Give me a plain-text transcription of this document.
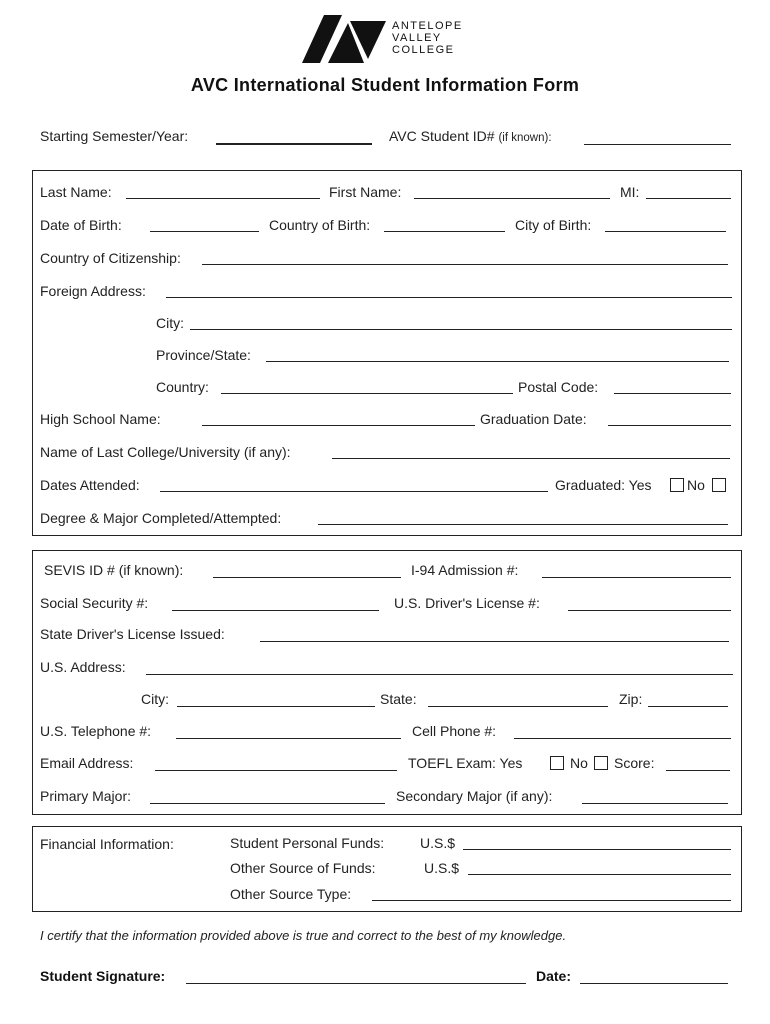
ANTELOPE
VALLEY
COLLEGE
AVC International Student Information Form
Starting Semester/Year:	AVC Student ID# (if known):
Last Name:	First Name:	MI:
Date of Birth:	Country of Birth:	City of Birth:
Country of Citizenship:
Foreign Address:
City:
Province/State:
Country:	Postal Code:
High School Name:	Graduation Date:
Name of Last College/University (if any):
Dates Attended:	Graduated: Yes	No
Degree & Major Completed/Attempted:
SEVIS ID # (if known):	I-94 Admission #:
Social Security #:	U.S. Driver's License #:
State Driver's License Issued:
U.S. Address:
City:	State:	Zip:
U.S. Telephone #:	Cell Phone #:
Email Address:	TOEFL Exam: Yes	No Score:
Primary Major:	Secondary Major (if any):
Financial Information:	Student Personal Funds:	U.S.$
Other Source of Funds:	U.S.$
Other Source Type:
I certify that the information provided above is true and correct to the best of my knowledge.
Student Signature:	Date:
